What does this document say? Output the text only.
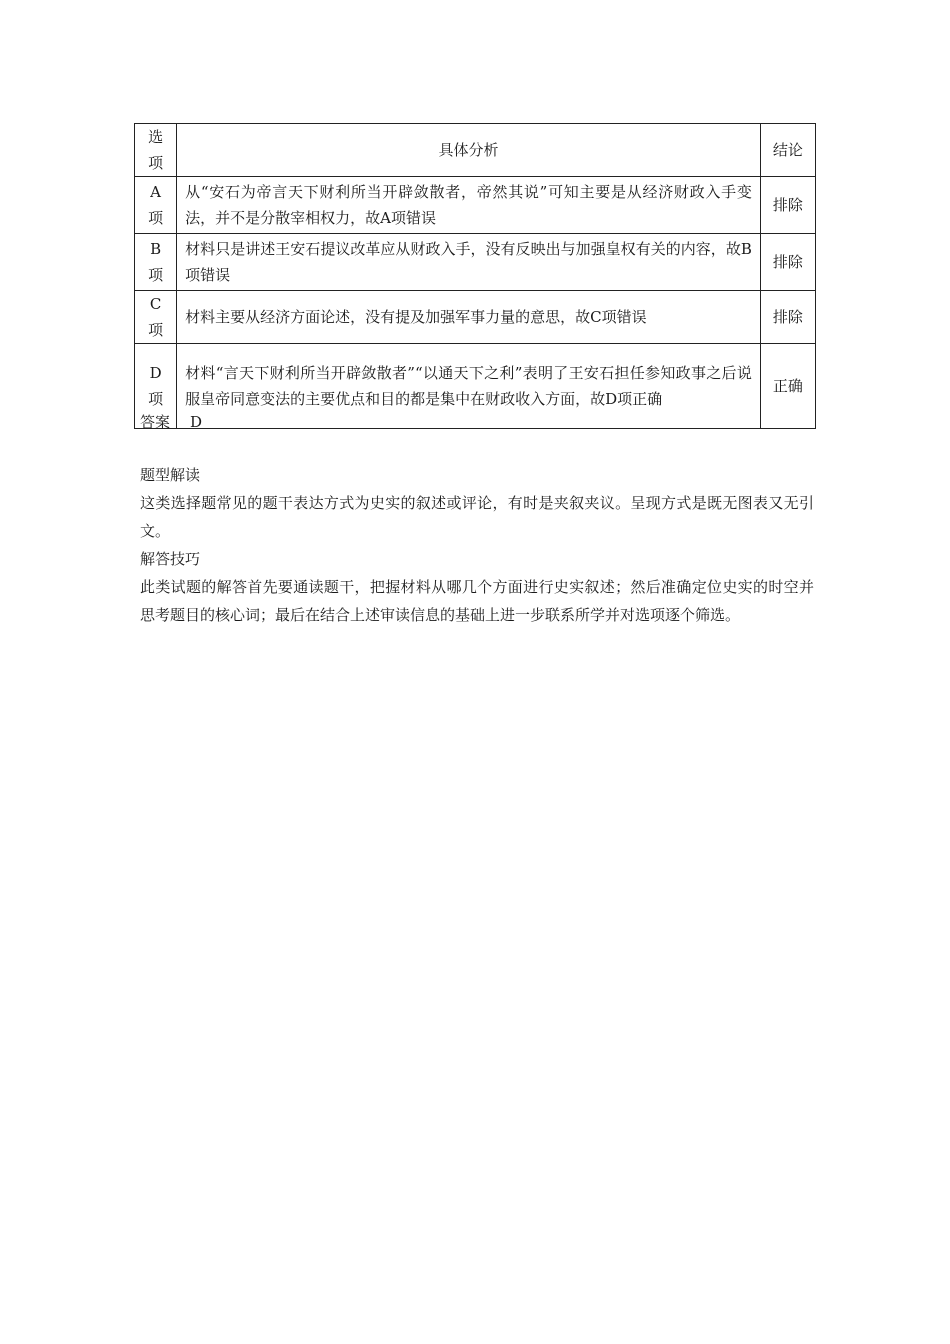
选项	具体分析	结论
A项	从“安石为帝言天下财利所当开辟敛散者，帝然其说”可知主要是从经济财政入手变法，并不是分散宰相权力，故A项错误	排除
B项	材料只是讲述王安石提议改革应从财政入手，没有反映出与加强皇权有关的内容，故B项错误	排除
C项	材料主要从经济方面论述，没有提及加强军事力量的意思，故C项错误	排除
D项	材料“言天下财利所当开辟敛散者”“以通天下之利”表明了王安石担任参知政事之后说服皇帝同意变法的主要优点和目的都是集中在财政收入方面，故D项正确	正确
答案 D

题型解读

这类选择题常见的题干表达方式为史实的叙述或评论，有时是夹叙夹议。呈现方式是既无图表又无引文。

解答技巧

此类试题的解答首先要通读题干，把握材料从哪几个方面进行史实叙述；然后准确定位史实的时空并思考题目的核心词；最后在结合上述审读信息的基础上进一步联系所学并对选项逐个筛选。
